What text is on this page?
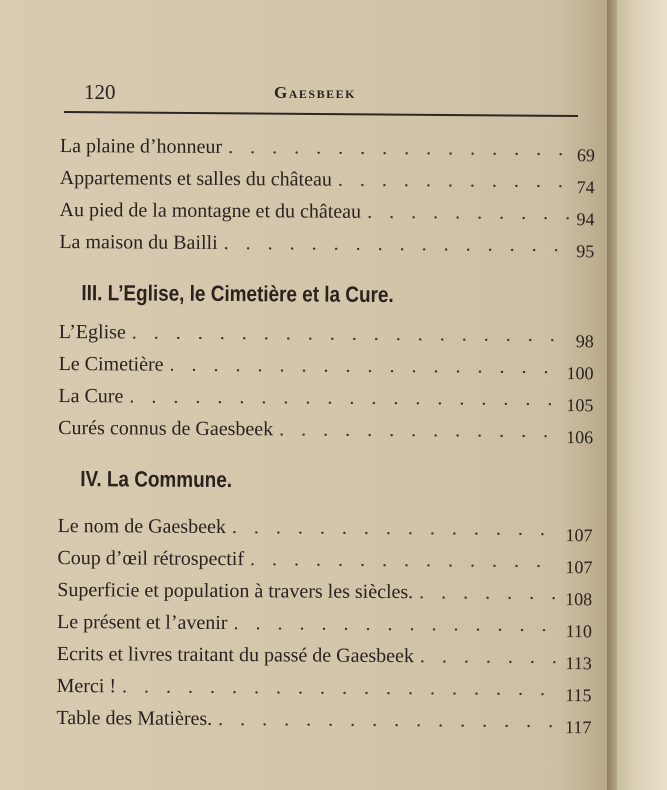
120	Gaesbeek
La plaine d’honneur . . .	69
Appartements et salles du château . . .	74
Au pied de la montagne et du château . . .	94
La maison du Bailli . . .	95
III. L’Eglise, le Cimetière et la Cure.
L’Eglise . . .	98
Le Cimetière . . .	100
La Cure . . .	105
Curés connus de Gaesbeek . . .	106
IV. La Commune.
Le nom de Gaesbeek . . .	107
Coup d’œil rétrospectif . . .	107
Superficie et population à travers les siècles. . . .	108
Le présent et l’avenir . . .	110
Ecrits et livres traitant du passé de Gaesbeek . . .	113
Merci ! . . .	115
Table des Matières. . . .	117
